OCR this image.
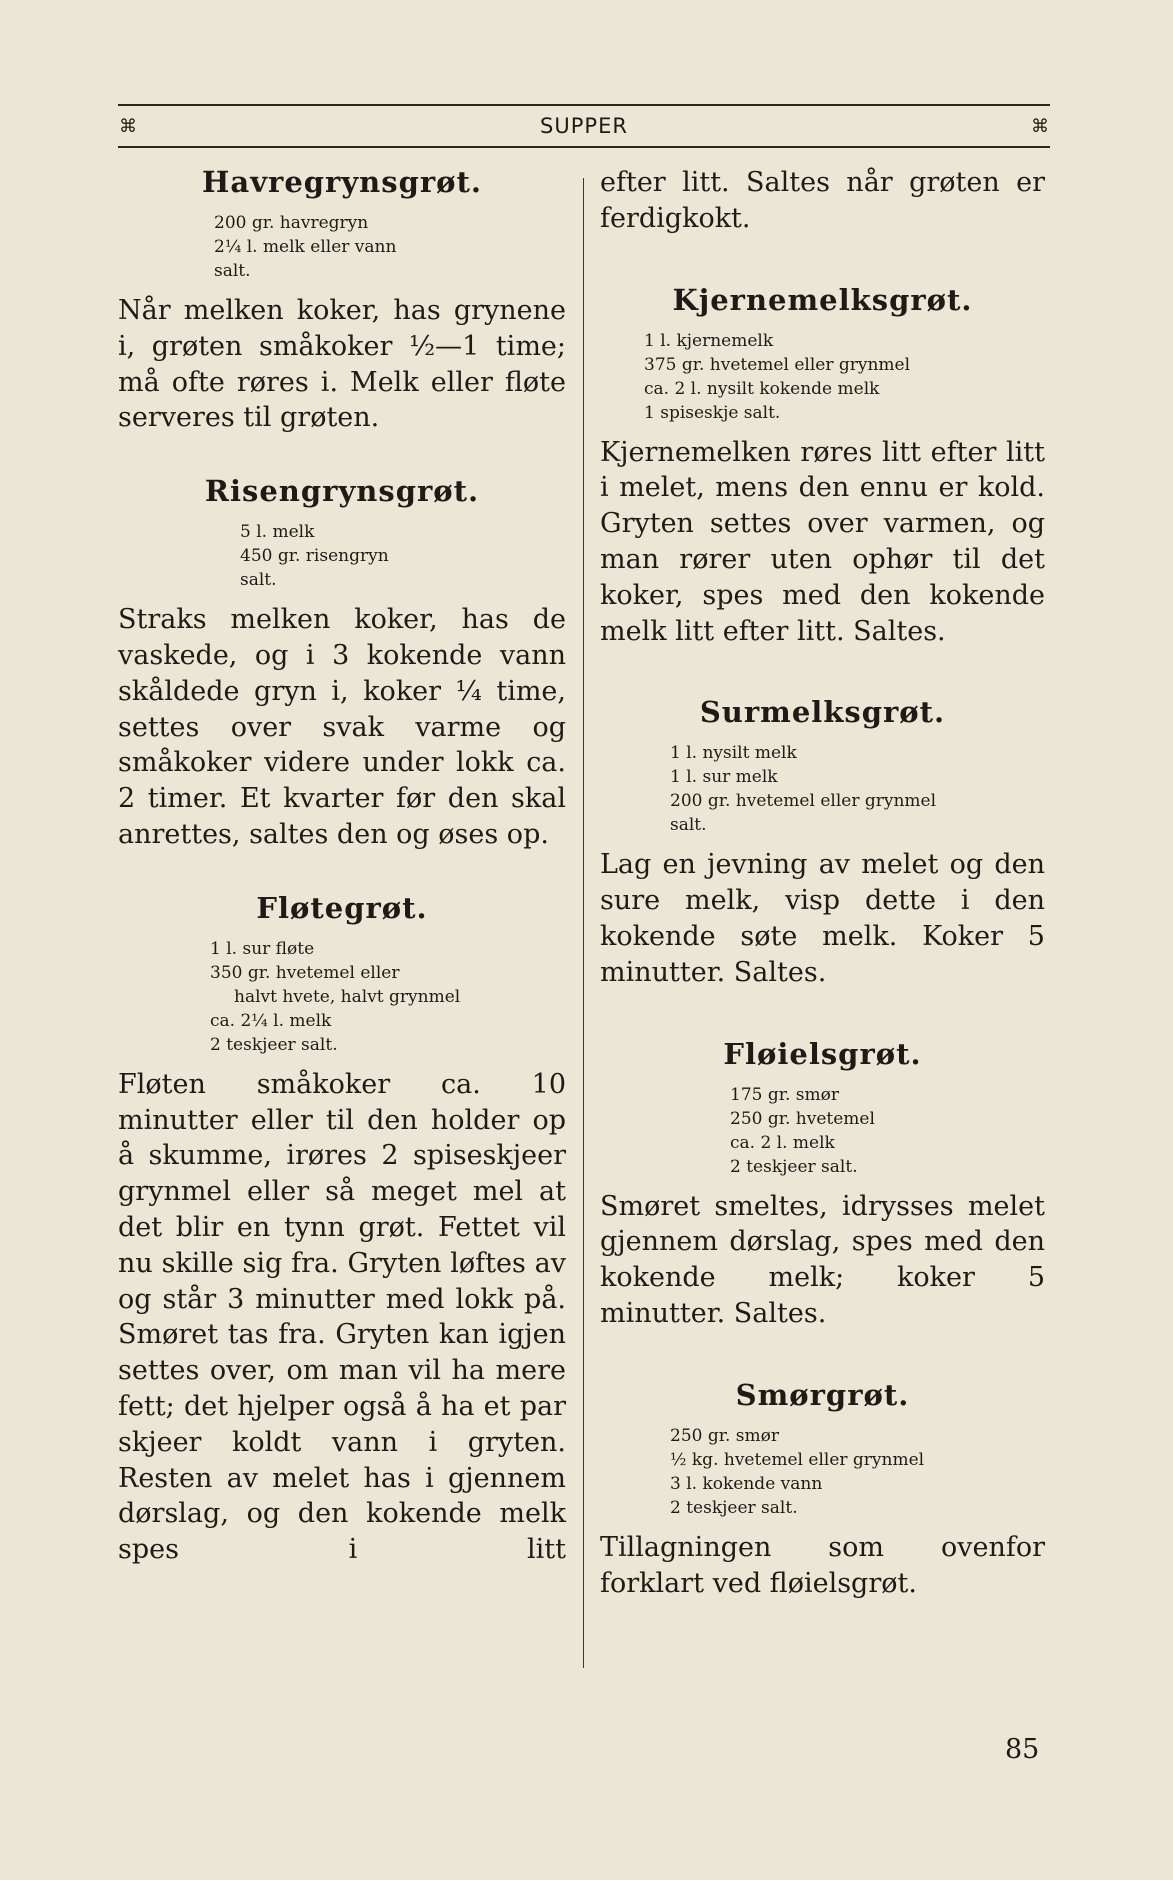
⌘	SUPPER	⌘
Havregrynsgrøt.
200 gr. havregryn
2¼ l. melk eller vann
salt.

Når melken koker, has grynene i, grøten småkoker ½—1 time; må ofte røres i. Melk eller fløte serveres til grøten.

Risengrynsgrøt.
5 l. melk
450 gr. risengryn
salt.

Straks melken koker, has de vaskede, og i 3 kokende vann skåldede gryn i, koker ¼ time, settes over svak varme og småkoker videre under lokk ca. 2 timer. Et kvarter før den skal anrettes, saltes den og øses op.

Fløtegrøt.
1 l. sur fløte
350 gr. hvetemel eller
halvt hvete, halvt grynmel
ca. 2¼ l. melk
2 teskjeer salt.

Fløten småkoker ca. 10 minutter eller til den holder op å skumme, irøres 2 spiseskjeer grynmel eller så meget mel at det blir en tynn grøt. Fettet vil nu skille sig fra. Gryten løftes av og står 3 minutter med lokk på. Smøret tas fra. Gryten kan igjen settes over, om man vil ha mere fett; det hjelper også å ha et par skjeer koldt vann i gryten. Resten av melet has i gjennem dørslag, og den kokende melk spes i litt

efter litt. Saltes når grøten er ferdigkokt.

Kjernemelksgrøt.
1 l. kjernemelk
375 gr. hvetemel eller grynmel
ca. 2 l. nysilt kokende melk
1 spiseskje salt.

Kjernemelken røres litt efter litt i melet, mens den ennu er kold. Gryten settes over varmen, og man rører uten ophør til det koker, spes med den kokende melk litt efter litt. Saltes.

Surmelksgrøt.
1 l. nysilt melk
1 l. sur melk
200 gr. hvetemel eller grynmel
salt.

Lag en jevning av melet og den sure melk, visp dette i den kokende søte melk. Koker 5 minutter. Saltes.

Fløielsgrøt.
175 gr. smør
250 gr. hvetemel
ca. 2 l. melk
2 teskjeer salt.

Smøret smeltes, idrysses melet gjennem dørslag, spes med den kokende melk; koker 5 minutter. Saltes.

Smørgrøt.
250 gr. smør
½ kg. hvetemel eller grynmel
3 l. kokende vann
2 teskjeer salt.

Tillagningen som ovenfor forklart ved fløielsgrøt.

85
